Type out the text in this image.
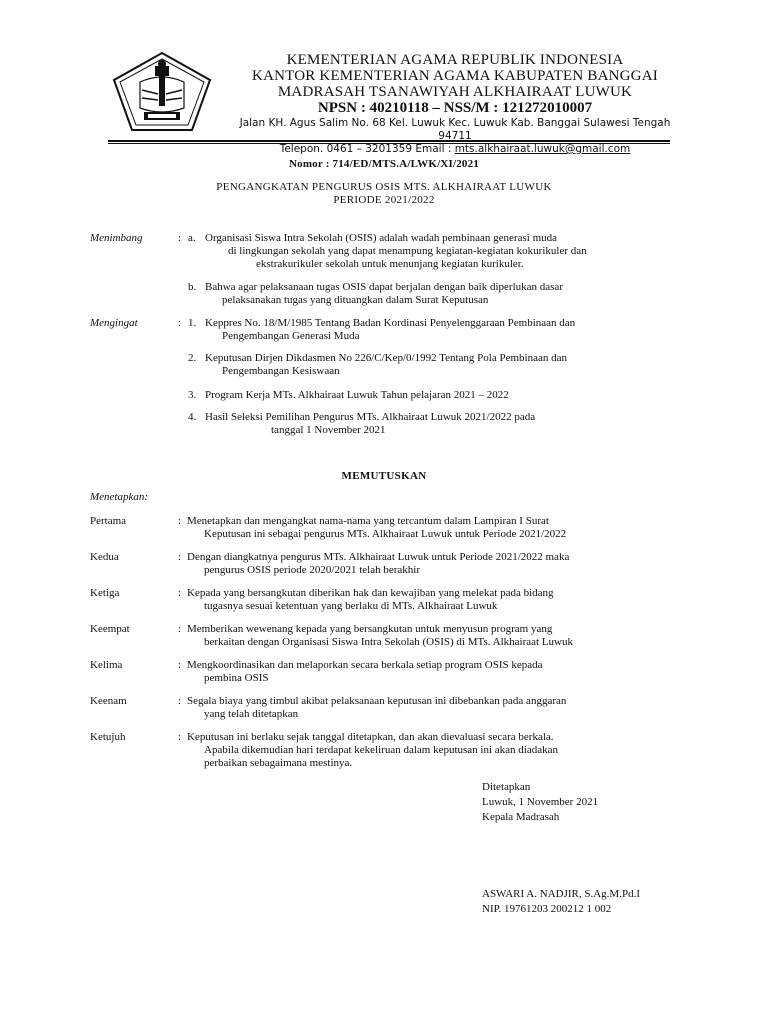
KEMENTERIAN AGAMA REPUBLIK INDONESIA
KANTOR KEMENTERIAN AGAMA KABUPATEN BANGGAI
MADRASAH TSANAWIYAH ALKHAIRAAT LUWUK
NPSN : 40210118 – NSS/M : 121272010007
Jalan KH. Agus Salim No. 68 Kel. Luwuk Kec. Luwuk Kab. Banggai Sulawesi Tengah 94711
Telepon. 0461 – 3201359 Email : mts.alkhairaat.luwuk@gmail.com
Nomor : 714/ED/MTS.A/LWK/XI/2021
PENGANGKATAN PENGURUS OSIS MTS. ALKHAIRAAT LUWUK
PERIODE 2021/2022
Menimbang	: a. Organisasi Siswa Intra Sekolah (OSIS) adalah wadah pembinaan generasi muda
di lingkungan sekolah yang dapat menampung kegiatan-kegiatan kokurikuler dan
ekstrakurikuler sekolah untuk menunjang kegiatan kurikuler.
b. Bahwa agar pelaksanaan tugas OSIS dapat berjalan dengan baik diperlukan dasar
pelaksanakan tugas yang dituangkan dalam Surat Keputusan
Mengingat	: 1. Keppres No. 18/M/1985 Tentang Badan Kordinasi Penyelenggaraan Pembinaan dan
Pengembangan Generasi Muda
2. Keputusan Dirjen Dikdasmen No 226/C/Kep/0/1992 Tentang Pola Pembinaan dan
Pengembangan Kesiswaan
3. Program Kerja MTs. Alkhairaat Luwuk Tahun pelajaran 2021 – 2022
4. Hasil Seleksi Pemilihan Pengurus MTs. Alkhairaat Luwuk 2021/2022 pada
tanggal 1 November 2021
MEMUTUSKAN
Menetapkan:
Pertama	: Menetapkan dan mengangkat nama-nama yang tercantum dalam Lampiran I Surat
Keputusan ini sebagai pengurus MTs. Alkhairaat Luwuk untuk Periode 2021/2022
Kedua	: Dengan diangkatnya pengurus MTs. Alkhairaat Luwuk untuk Periode 2021/2022 maka
pengurus OSIS periode 2020/2021 telah berakhir
Ketiga	: Kepada yang bersangkutan diberikan hak dan kewajiban yang melekat pada bidang
tugasnya sesuai ketentuan yang berlaku di MTs. Alkhairaat Luwuk
Keempat	: Memberikan wewenang kepada yang bersangkutan untuk menyusun program yang
berkaitan dengan Organisasi Siswa Intra Sekolah (OSIS) di MTs. Alkhairaat Luwuk
Kelima	: Mengkoordinasikan dan melaporkan secara berkala setiap program OSIS kepada
pembina OSIS
Keenam	: Segala biaya yang timbul akibat pelaksanaan keputusan ini dibebankan pada anggaran
yang telah ditetapkan
Ketujuh	: Keputusan ini berlaku sejak tanggal ditetapkan, dan akan dievaluasi secara berkala.
Apabila dikemudian hari terdapat kekeliruan dalam keputusan ini akan diadakan
perbaikan sebagaimana mestinya.
Ditetapkan
Luwuk, 1 November 2021
Kepala Madrasah
ASWARI A. NADJIR, S.Ag.M.Pd.I
NIP. 19761203 200212 1 002
